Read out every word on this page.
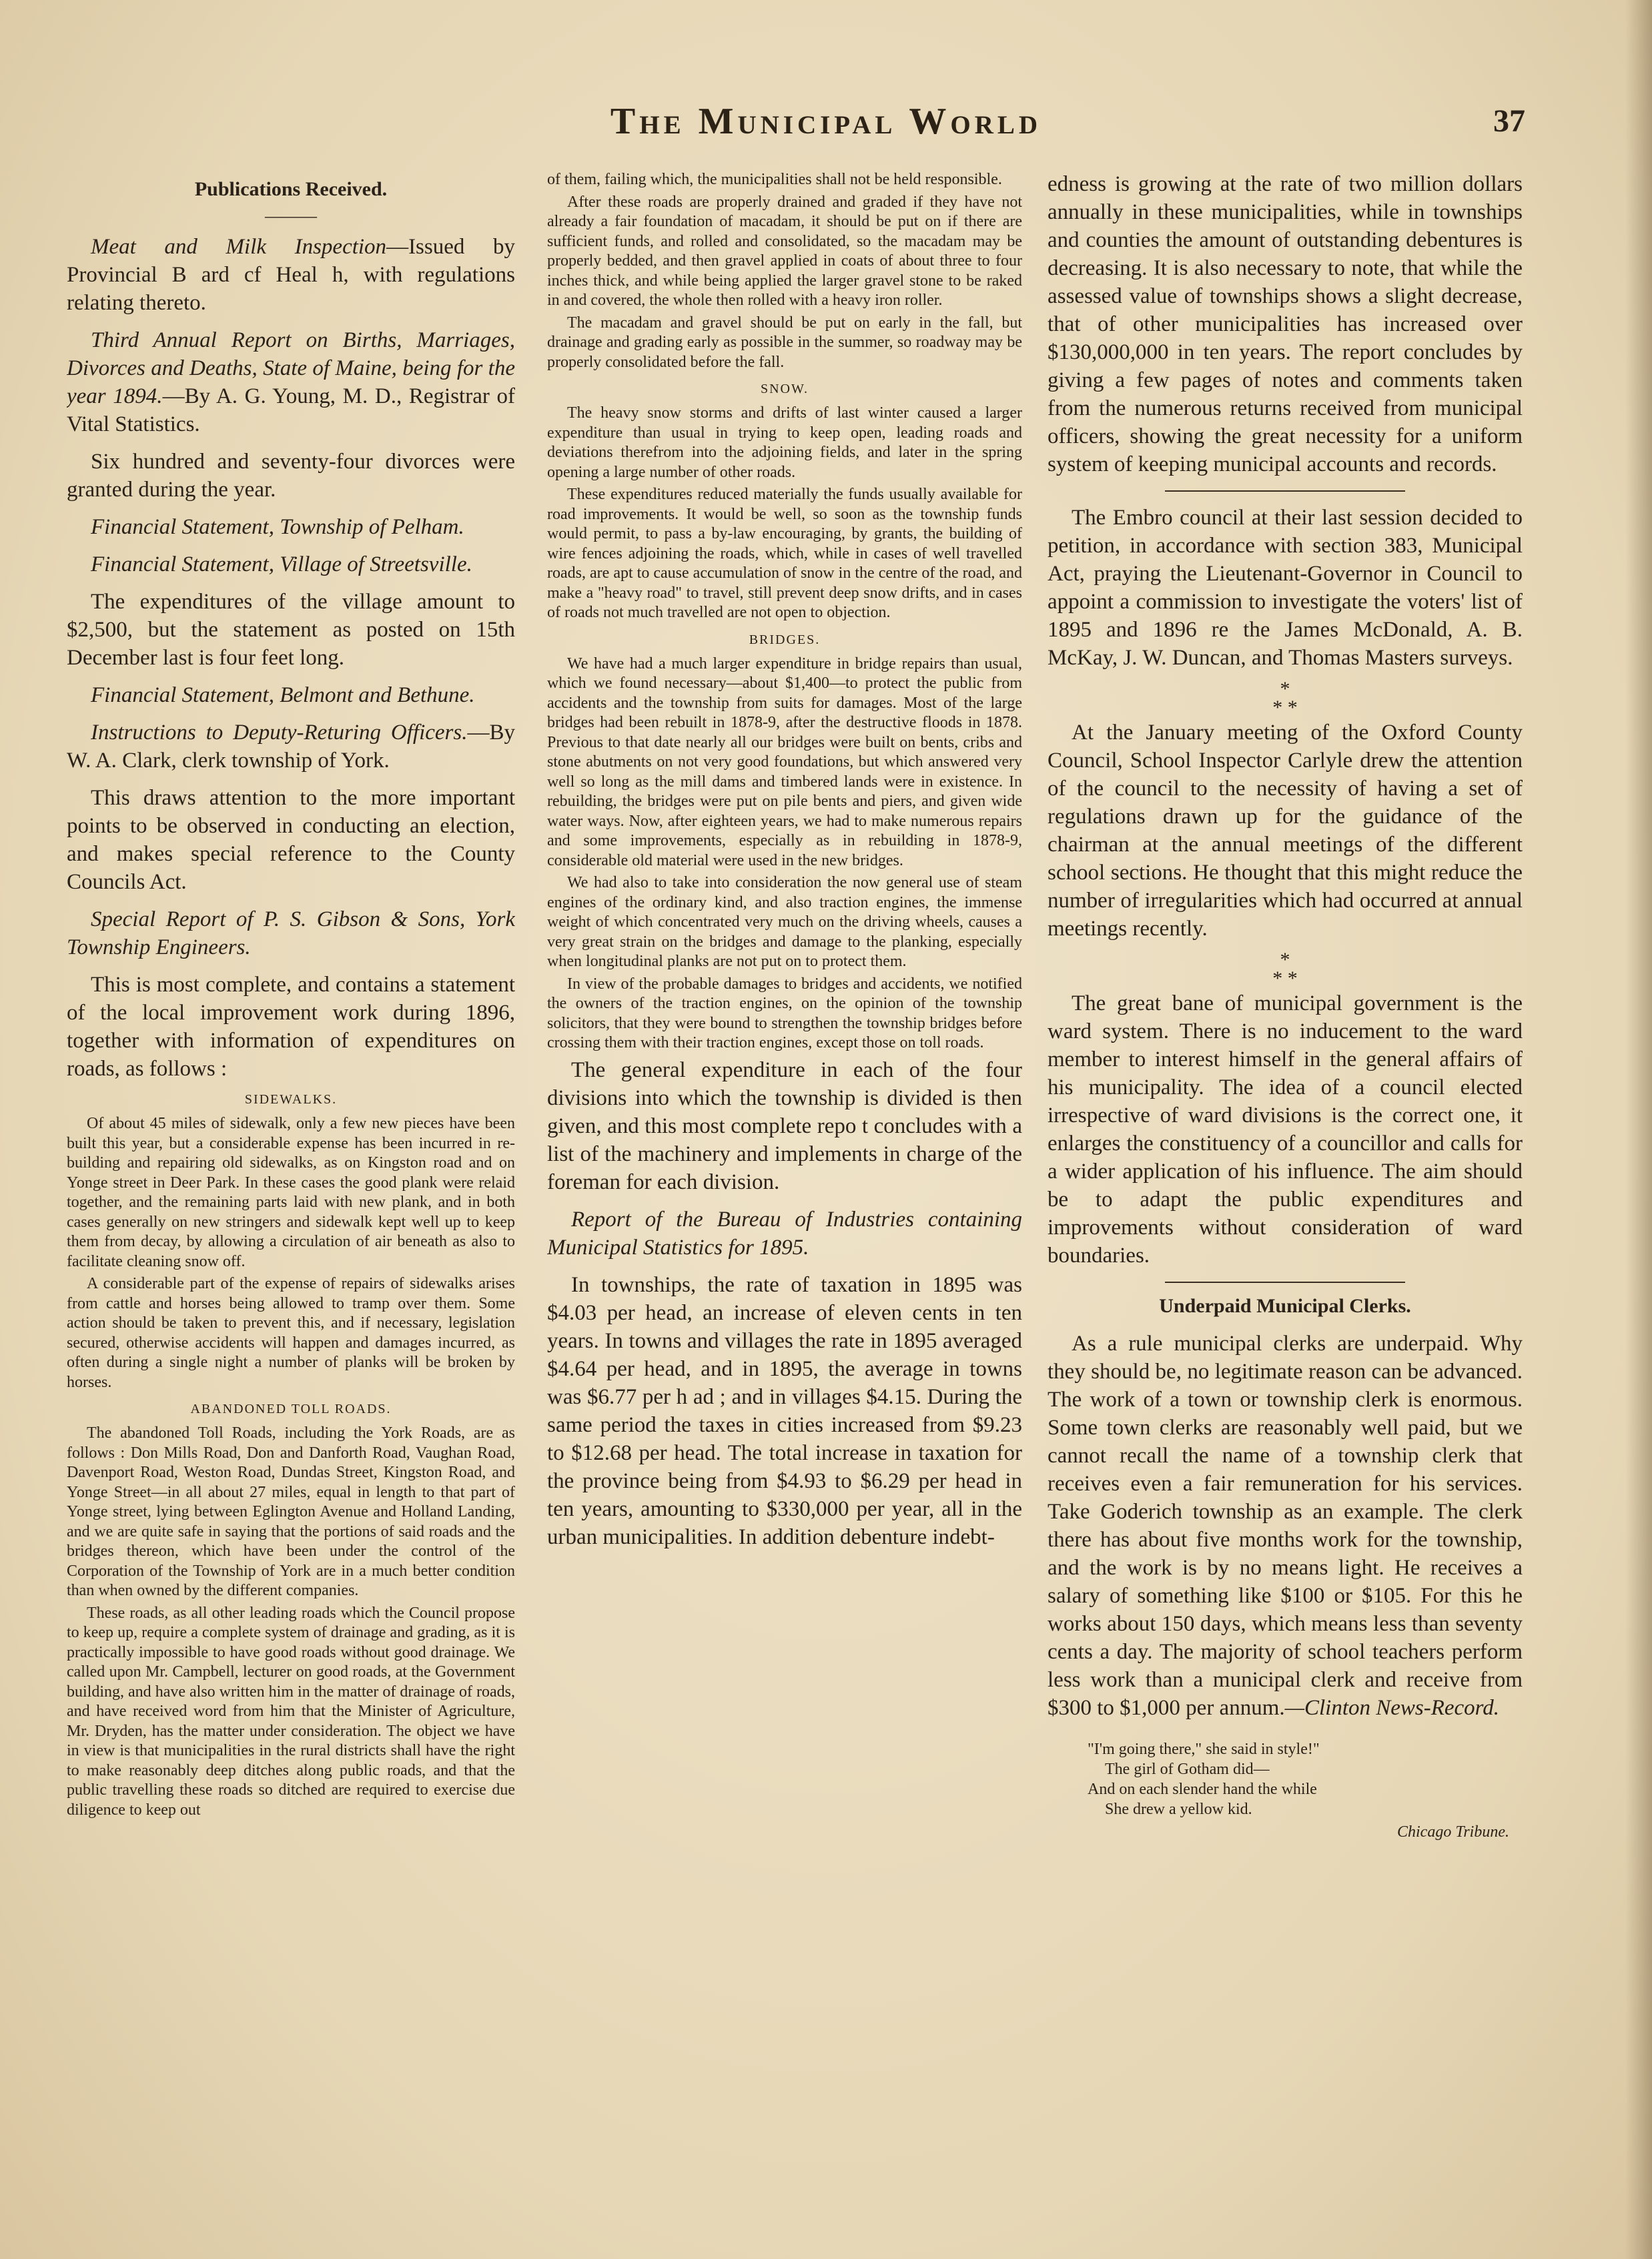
The Municipal World	37
Publications Received.
———

Meat and Milk Inspection—Issued by Provincial B ard cf Heal h, with regulations relating thereto.

Third Annual Report on Births, Marriages, Divorces and Deaths, State of Maine, being for the year 1894.—By A. G. Young, M. D., Registrar of Vital Statistics.

Six hundred and seventy-four divorces were granted during the year.

Financial Statement, Township of Pelham.

Financial Statement, Village of Streetsville.

The expenditures of the village amount to $2,500, but the statement as posted on 15th December last is four feet long.

Financial Statement, Belmont and Bethune.

Instructions to Deputy-Returing Officers.—By W. A. Clark, clerk township of York.

This draws attention to the more important points to be observed in conducting an election, and makes special reference to the County Councils Act.

Special Report of P. S. Gibson & Sons, York Township Engineers.

This is most complete, and contains a statement of the local improvement work during 1896, together with information of expenditures on roads, as follows :

SIDEWALKS.

Of about 45 miles of sidewalk, only a few new pieces have been built this year, but a considerable expense has been incurred in re-building and repairing old sidewalks, as on Kingston road and on Yonge street in Deer Park. In these cases the good plank were relaid together, and the remaining parts laid with new plank, and in both cases generally on new stringers and sidewalk kept well up to keep them from decay, by allowing a circulation of air beneath as also to facilitate cleaning snow off.

A considerable part of the expense of repairs of sidewalks arises from cattle and horses being allowed to tramp over them. Some action should be taken to prevent this, and if necessary, legislation secured, otherwise accidents will happen and damages incurred, as often during a single night a number of planks will be broken by horses.

ABANDONED TOLL ROADS.

The abandoned Toll Roads, including the York Roads, are as follows : Don Mills Road, Don and Danforth Road, Vaughan Road, Davenport Road, Weston Road, Dundas Street, Kingston Road, and Yonge Street—in all about 27 miles, equal in length to that part of Yonge street, lying between Eglington Avenue and Holland Landing, and we are quite safe in saying that the portions of said roads and the bridges thereon, which have been under the control of the Corporation of the Township of York are in a much better condition than when owned by the different companies.

These roads, as all other leading roads which the Council propose to keep up, require a complete system of drainage and grading, as it is practically impossible to have good roads without good drainage. We called upon Mr. Campbell, lecturer on good roads, at the Government building, and have also written him in the matter of drainage of roads, and have received word from him that the Minister of Agriculture, Mr. Dryden, has the matter under consideration. The object we have in view is that municipalities in the rural districts shall have the right to make reasonably deep ditches along public roads, and that the public travelling these roads so ditched are required to exercise due diligence to keep out

of them, failing which, the municipalities shall not be held responsible.

After these roads are properly drained and graded if they have not already a fair foundation of macadam, it should be put on if there are sufficient funds, and rolled and consolidated, so the macadam may be properly bedded, and then gravel applied in coats of about three to four inches thick, and while being applied the larger gravel stone to be raked in and covered, the whole then rolled with a heavy iron roller.

The macadam and gravel should be put on early in the fall, but drainage and grading early as possible in the summer, so roadway may be properly consolidated before the fall.

SNOW.

The heavy snow storms and drifts of last winter caused a larger expenditure than usual in trying to keep open, leading roads and deviations therefrom into the adjoining fields, and later in the spring opening a large number of other roads.

These expenditures reduced materially the funds usually available for road improvements. It would be well, so soon as the township funds would permit, to pass a by-law encouraging, by grants, the building of wire fences adjoining the roads, which, while in cases of well travelled roads, are apt to cause accumulation of snow in the centre of the road, and make a "heavy road" to travel, still prevent deep snow drifts, and in cases of roads not much travelled are not open to objection.

BRIDGES.

We have had a much larger expenditure in bridge repairs than usual, which we found necessary—about $1,400—to protect the public from accidents and the township from suits for damages. Most of the large bridges had been rebuilt in 1878-9, after the destructive floods in 1878. Previous to that date nearly all our bridges were built on bents, cribs and stone abutments on not very good foundations, but which answered very well so long as the mill dams and timbered lands were in existence. In rebuilding, the bridges were put on pile bents and piers, and given wide water ways. Now, after eighteen years, we had to make numerous repairs and some improvements, especially as in rebuilding in 1878-9, considerable old material were used in the new bridges.

We had also to take into consideration the now general use of steam engines of the ordinary kind, and also traction engines, the immense weight of which concentrated very much on the driving wheels, causes a very great strain on the bridges and damage to the planking, especially when longitudinal planks are not put on to protect them.

In view of the probable damages to bridges and accidents, we notified the owners of the traction engines, on the opinion of the township solicitors, that they were bound to strengthen the township bridges before crossing them with their traction engines, except those on toll roads.

The general expenditure in each of the four divisions into which the township is divided is then given, and this most complete repo t concludes with a list of the machinery and implements in charge of the foreman for each division.

Report of the Bureau of Industries containing Municipal Statistics for 1895.

In townships, the rate of taxation in 1895 was $4.03 per head, an increase of eleven cents in ten years. In towns and villages the rate in 1895 averaged $4.64 per head, and in 1895, the average in towns was $6.77 per h ad ; and in villages $4.15. During the same period the taxes in cities increased from $9.23 to $12.68 per head. The total increase in taxation for the province being from $4.93 to $6.29 per head in ten years, amounting to $330,000 per year, all in the urban municipalities. In addition debenture indebt-

edness is growing at the rate of two million dollars annually in these municipalities, while in townships and counties the amount of outstanding debentures is decreasing. It is also necessary to note, that while the assessed value of townships shows a slight decrease, that of other municipalities has increased over $130,000,000 in ten years. The report concludes by giving a few pages of notes and comments taken from the numerous returns received from municipal officers, showing the great necessity for a uniform system of keeping municipal accounts and records.

The Embro council at their last session decided to petition, in accordance with section 383, Municipal Act, praying the Lieutenant-Governor in Council to appoint a commission to investigate the voters' list of 1895 and 1896 re the James McDonald, A. B. McKay, J. W. Duncan, and Thomas Masters surveys.

*
* *

At the January meeting of the Oxford County Council, School Inspector Carlyle drew the attention of the council to the necessity of having a set of regulations drawn up for the guidance of the chairman at the annual meetings of the different school sections. He thought that this might reduce the number of irregularities which had occurred at annual meetings recently.

*
* *

The great bane of municipal government is the ward system. There is no inducement to the ward member to interest himself in the general affairs of his municipality. The idea of a council elected irrespective of ward divisions is the correct one, it enlarges the constituency of a councillor and calls for a wider application of his influence. The aim should be to adapt the public expenditures and improvements without consideration of ward boundaries.

Underpaid Municipal Clerks.

As a rule municipal clerks are underpaid. Why they should be, no legitimate reason can be advanced. The work of a town or township clerk is enormous. Some town clerks are reasonably well paid, but we cannot recall the name of a township clerk that receives even a fair remuneration for his services. Take Goderich township as an example. The clerk there has about five months work for the township, and the work is by no means light. He receives a salary of something like $100 or $105. For this he works about 150 days, which means less than seventy cents a day. The majority of school teachers perform less work than a municipal clerk and receive from $300 to $1,000 per annum.—Clinton News-Record.

"I'm going there," she said in style!"
The girl of Gotham did—
And on each slender hand the while
She drew a yellow kid.
Chicago Tribune.
